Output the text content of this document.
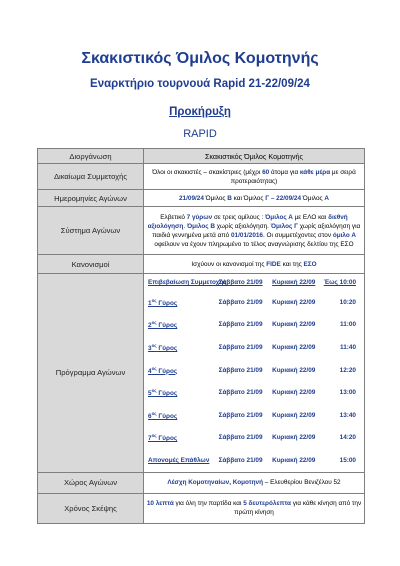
Σκακιστικός Όμιλος Κομοτηνής
Εναρκτήριο τουρνουά Rapid 21-22/09/24
Προκήρυξη
RAPID
Διοργάνωση	Σκακιστικός Όμιλος Κομοτηνής
Δικαίωμα Συμμετοχής	Όλοι οι σκακιστές – σκακίστριες (μέχρι 60 άτομα για κάθε μέρα με σειρά προτεραιότητας)
Ημερομηνίες Αγώνων	21/09/24 Όμιλος Β και Όμιλος Γ – 22/09/24 Όμιλος Α
Σύστημα Αγώνων	Ελβετικό 7 γύρων σε τρεις ομίλους : Όμιλος Α με ΕΛΟ και διεθνή αξιολόγηση. Όμιλος Β χωρίς αξιολόγηση. Όμιλος Γ χωρίς αξιολόγηση για παιδιά γεννημένα μετά από 01/01/2016. Οι συμμετέχοντες στον όμιλο Α οφείλουν να έχουν πληρωμένο το τέλος αναγνώρισης δελτίου της ΕΣΟ
Κανονισμοί	Ισχύουν οι κανονισμοί της FIDE και της ΕΣΟ
Πρόγραμμα Αγώνων	
Επιβεβαίωση Συμμετοχής	Σάββατο 21/09	Κυριακή 22/09	Έως 10:00
$1^{o\varsigma}$ Γύρος	Σάββατο 21/09	Κυριακή 22/09	10:20
$2^{o\varsigma}$ Γύρος	Σάββατο 21/09	Κυριακή 22/09	11:00
$3^{o\varsigma}$ Γύρος	Σάββατο 21/09	Κυριακή 22/09	11:40
$4^{o\varsigma}$ Γύρος	Σάββατο 21/09	Κυριακή 22/09	12:20
$5^{o\varsigma}$ Γύρος	Σάββατο 21/09	Κυριακή 22/09	13:00
$6^{o\varsigma}$ Γύρος	Σάββατο 21/09	Κυριακή 22/09	13:40
$7^{o\varsigma}$ Γύρος	Σάββατο 21/09	Κυριακή 22/09	14:20
Απονομές Επάθλων	Σάββατο 21/09	Κυριακή 22/09	15:00

Χώρος Αγώνων	Λέσχη Κομοτηναίων, Κομοτηνή – Ελευθερίου Βενιζέλου 52
Χρόνος Σκέψης	10 λεπτά για όλη την παρτίδα και 5 δευτερόλεπτα για κάθε κίνηση από την πρώτη κίνηση
